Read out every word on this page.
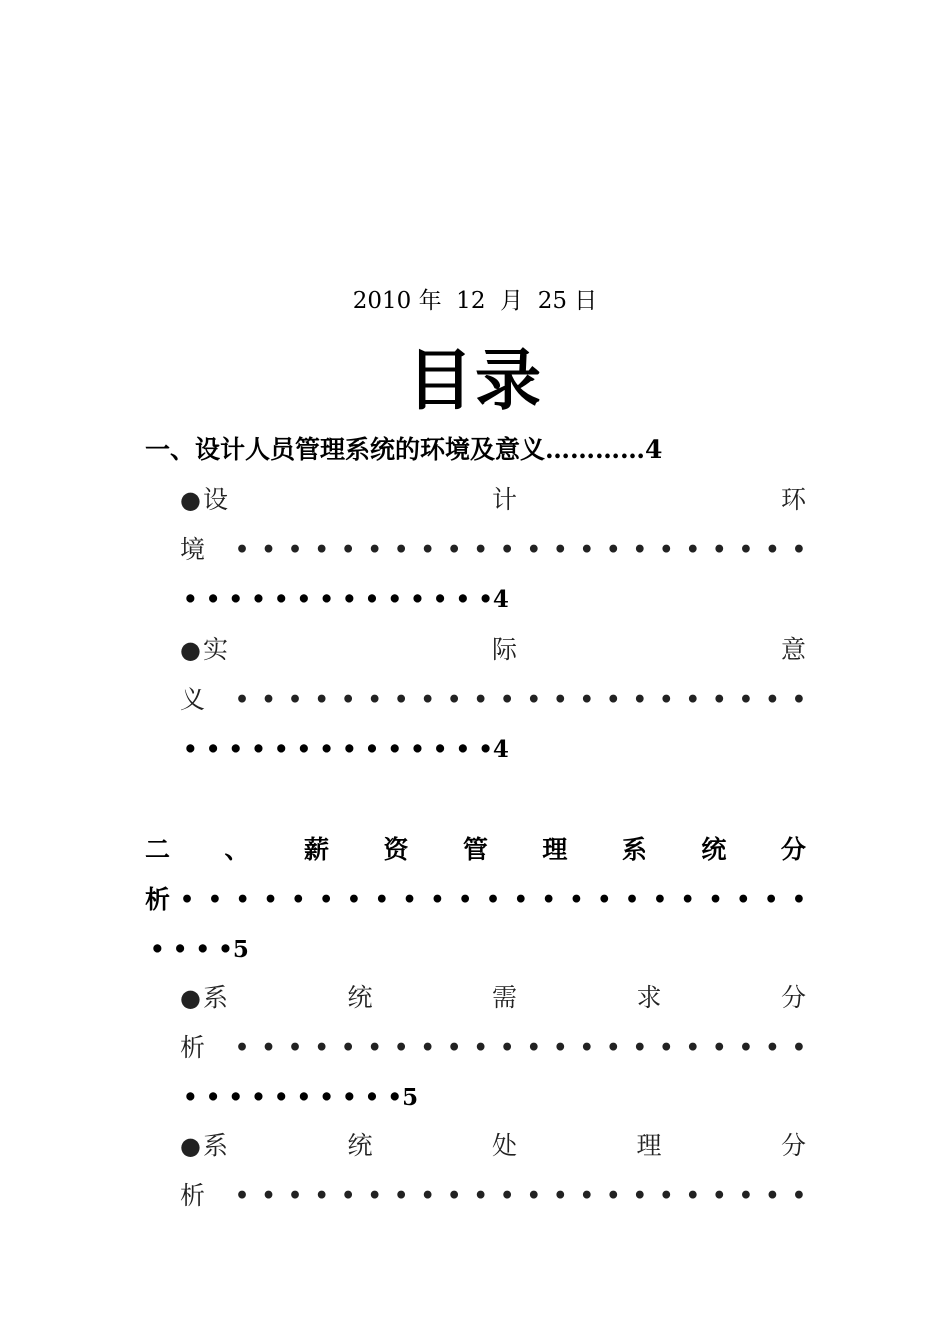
2010 年  12  月  25 日
目录
一、设计人员管理系统的环境及意义…………4
●设	计	环
境 • • • • • • • • • • • • • • • • • • • • • •
• • • • • • • • • • • • • •4
●实	际	意
义 • • • • • • • • • • • • • • • • • • • • • •
• • • • • • • • • • • • • •4
二 、 薪 资 管 理 系 统 分
析 • • • • • • • • • • • • • • • • • • • • • • •
• • • •5
●系	统	需	求	分
析 • • • • • • • • • • • • • • • • • • • • • •
• • • • • • • • • •5
●系	统	处	理	分
析 • • • • • • • • • • • • • • • • • • • • • •
